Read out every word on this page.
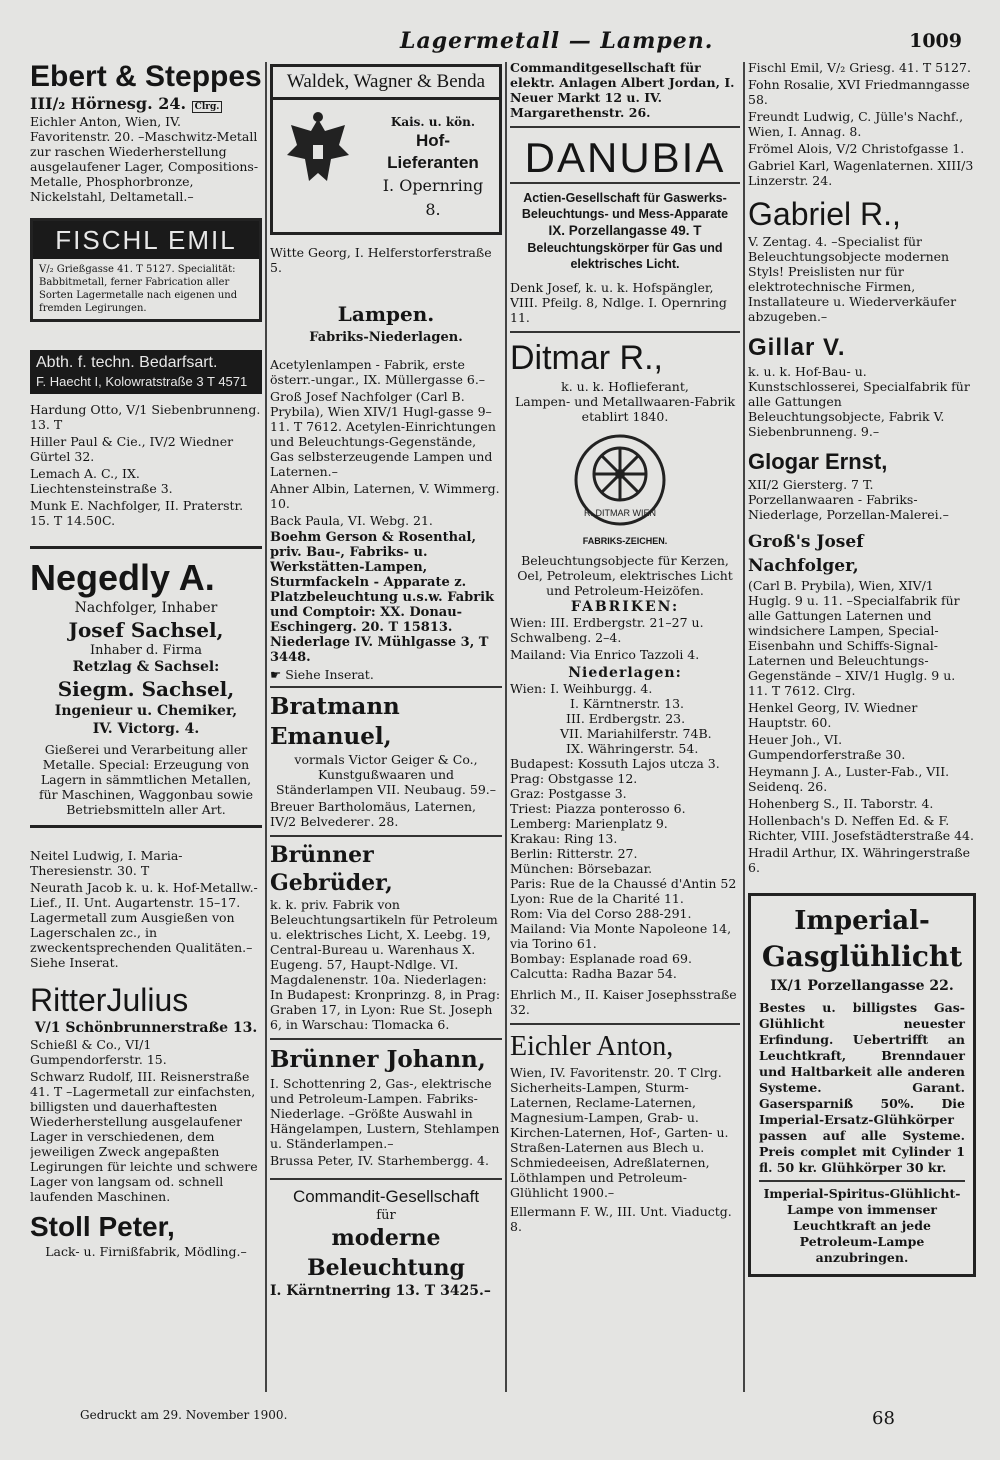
Lagermetall — Lampen.	1009
Ebert & Steppes

III/₂ Hörnesg. 24. Clrg.

Eichler Anton, Wien, IV. Favoritenstr. 20. –Maschwitz-Metall zur raschen Wiederherstellung ausgelaufener Lager, Compositions-Metalle, Phosphorbronze, Nickelstahl, Deltametall.–

FISCHL EMIL

V/₂ Grießgasse 41. T 5127. Specialität: Babbitmetall, ferner Fabrication aller Sorten Lagermetalle nach eigenen und fremden Legirungen.

Abth. f. techn. Bedarfsart.
F. Haecht I, Kolowratstraße 3 T 4571

Hardung Otto, V/1 Siebenbrunneng. 13. T

Hiller Paul & Cie., IV/2 Wiedner Gürtel 32.

Lemach A. C., IX. Liechtensteinstraße 3.

Munk E. Nachfolger, II. Praterstr. 15. T 14.50C.

Negedly A.

Nachfolger, Inhaber

Josef Sachsel,

Inhaber d. Firma

Retzlag & Sachsel:

Siegm. Sachsel,

Ingenieur u. Chemiker,

IV. Victorg. 4.

Gießerei und Verarbeitung aller Metalle. Special: Erzeugung von Lagern in sämmtlichen Metallen, für Maschinen, Waggonbau sowie Betriebsmitteln aller Art.

Neitel Ludwig, I. Maria-Theresienstr. 30. T

Neurath Jacob k. u. k. Hof-Metallw.-Lief., II. Unt. Augartenstr. 15–17. Lagermetall zum Ausgießen von Lagerschalen zc., in zweckentsprechenden Qualitäten.– Siehe Inserat.

RitterJulius

V/1 Schönbrunnerstraße 13.

Schießl & Co., VI/1 Gumpendorferstr. 15.

Schwarz Rudolf, III. Reisnerstraße 41. T –Lagermetall zur einfachsten, billigsten und dauerhaftesten Wiederherstellung ausgelaufener Lager in verschiedenen, dem jeweiligen Zweck angepaßten Legirungen für leichte und schwere Lager von langsam od. schnell laufenden Maschinen.

Stoll Peter,

Lack- u. Firnißfabrik, Mödling.–

Waldek, Wagner & Benda

Kais. u. kön.

Hof-

Lieferanten

I. Opernring 8.

Witte Georg, I. Helferstorferstraße 5.

Lampen.

Fabriks-Niederlagen.

Acetylenlampen - Fabrik, erste österr.-ungar., IX. Müllergasse 6.–

Groß Josef Nachfolger (Carl B. Prybila), Wien XIV/1 Hugl-gasse 9–11. T 7612. Acetylen-Einrichtungen und Beleuchtungs-Gegenstände, Gas selbsterzeugende Lampen und Laternen.–

Ahner Albin, Laternen, V. Wimmerg. 10.

Back Paula, VI. Webg. 21.

Boehm Gerson & Rosenthal, priv. Bau-, Fabriks- u. Werkstätten-Lampen, Sturmfackeln - Apparate z. Platzbeleuchtung u.s.w. Fabrik und Comptoir: XX. Donau-Eschingerg. 20. T 15813. Niederlage IV. Mühlgasse 3, T 3448.

☛ Siehe Inserat.

Bratmann Emanuel,

vormals Victor Geiger & Co., Kunstgußwaaren und Ständerlampen VII. Neubaug. 59.–

Breuer Bartholomäus, Laternen, IV/2 Belvederег. 28.

Brünner Gebrüder,

k. k. priv. Fabrik von Beleuchtungsartikeln für Petroleum u. elektrisches Licht, X. Leebg. 19, Central-Bureau u. Warenhaus X. Eugeng. 57, Haupt-Ndlge. VI. Magdalenenstr. 10a. Niederlagen: In Budapest: Kronprinzg. 8, in Prag: Graben 17, in Lyon: Rue St. Joseph 6, in Warschau: Tlomacka 6.

Brünner Johann,

I. Schottenring 2, Gas-, elektrische und Petroleum-Lampen. Fabriks-Niederlage. –Größte Auswahl in Hängelampen, Lustern, Stehlampen u. Ständerlampen.–

Brussa Peter, IV. Starhembergg. 4.

Commandit-Gesellschaft

für

moderne Beleuchtung

I. Kärntnerring 13. T 3425.–

Commanditgesellschaft für elektr. Anlagen Albert Jordan, I. Neuer Markt 12 u. IV. Margarethenstr. 26.

DANUBIA

Actien-Gesellschaft für Gaswerks-Beleuchtungs- und Mess-Apparate

IX. Porzellangasse 49. T

Beleuchtungskörper für Gas und elektrisches Licht.

Denk Josef, k. u. k. Hofspängler, VIII. Pfeilg. 8, Ndlge. I. Opernring 11.

Ditmar R.,

k. u. k. Hoflieferant,

Lampen- und Metallwaaren-Fabrik

etablirt 1840.

R. DITMAR WIEN

FABRIKS-ZEICHEN.

Beleuchtungsobjecte für Kerzen, Oel, Petroleum, elektrisches Licht und Petroleum-Heizöfen.

FABRIKEN:

Wien: III. Erdbergstr. 21–27 u. Schwalbeng. 2–4.

Mailand: Via Enrico Tazzoli 4.

Niederlagen:

Wien: I. Weihburgg. 4.

I. Kärntnerstr. 13.

III. Erdbergstr. 23.

VII. Mariahilferstr. 74B.

IX. Währingerstr. 54.

Budapest: Kossuth Lajos utcza 3.

Prag: Obstgasse 12.

Graz: Postgasse 3.

Triest: Piazza ponterosso 6.

Lemberg: Marienplatz 9.

Krakau: Ring 13.

Berlin: Ritterstr. 27.

München: Börsebazar.

Paris: Rue de la Chaussé d'Antin 52

Lyon: Rue de la Charité 11.

Rom: Via del Corso 288-291.

Mailand: Via Monte Napoleone 14, via Torino 61.

Bombay: Esplanade road 69.

Calcutta: Radha Bazar 54.

Ehrlich M., II. Kaiser Josephsstraße 32.

Eichler Anton,

Wien, IV. Favoritenstr. 20. T Clrg. Sicherheits-Lampen, Sturm-Laternen, Reclame-Laternen, Magnesium-Lampen, Grab- u. Kirchen-Laternen, Hof-, Garten- u. Straßen-Laternen aus Blech u. Schmiedeeisen, Adreßlaternen, Löthlampen und Petroleum-Glühlicht 1900.–

Ellermann F. W., III. Unt. Viaductg. 8.

Fischl Emil, V/₂ Griesg. 41. T 5127.

Fohn Rosalie, XVI Friedmanngasse 58.

Freundt Ludwig, C. Jülle's Nachf., Wien, I. Annag. 8.

Frömel Alois, V/2 Christofgasse 1.

Gabriel Karl, Wagenlaternen. XIII/3 Linzerstr. 24.

Gabriel R.,

V. Zentag. 4. –Specialist für Beleuchtungsobjecte modernen Styls! Preislisten nur für elektrotechnische Firmen, Installateure u. Wiederverkäufer abzugeben.–

Gillar V.

k. u. k. Hof-Bau- u. Kunstschlosserei, Specialfabrik für alle Gattungen Beleuchtungsobjecte, Fabrik V. Siebenbrunneng. 9.–

Glogar Ernst,

XII/2 Giersterg. 7 T. Porzellanwaaren - Fabriks-Niederlage, Porzellan-Malerei.–

Groß's Josef Nachfolger,

(Carl B. Prybila), Wien, XIV/1 Huglg. 9 u. 11. –Specialfabrik für alle Gattungen Laternen und windsichere Lampen, Special-Eisenbahn und Schiffs-Signal-Laternen und Beleuchtungs-Gegenstände – XIV/1 Huglg. 9 u. 11. T 7612. Clrg.

Henkel Georg, IV. Wiedner Hauptstr. 60.

Heuer Joh., VI. Gumpendorferstraße 30.

Heymann J. A., Luster-Fab., VII. Seidenq. 26.

Hohenberg S., II. Taborstr. 4.

Hollenbach's D. Neffen Ed. & F. Richter, VIII. Josefstädterstraße 44.

Hradil Arthur, IX. Währingerstraße 6.

Imperial-

Gasglühlicht

IX/1 Porzellangasse 22.

Bestes u. billigstes Gas-Glühlicht neuester Erfindung. Uebertrifft an Leuchtkraft, Brenndauer und Haltbarkeit alle anderen Systeme. Garant. Gasersparniß 50%. Die Imperial-Ersatz-Glühkörper passen auf alle Systeme. Preis complet mit Cylinder 1 fl. 50 kr. Glühkörper 30 kr.

Imperial-Spiritus-Glühlicht-Lampe von immenser Leuchtkraft an jede Petroleum-Lampe anzubringen.

Gedruckt am 29. November 1900.	68
